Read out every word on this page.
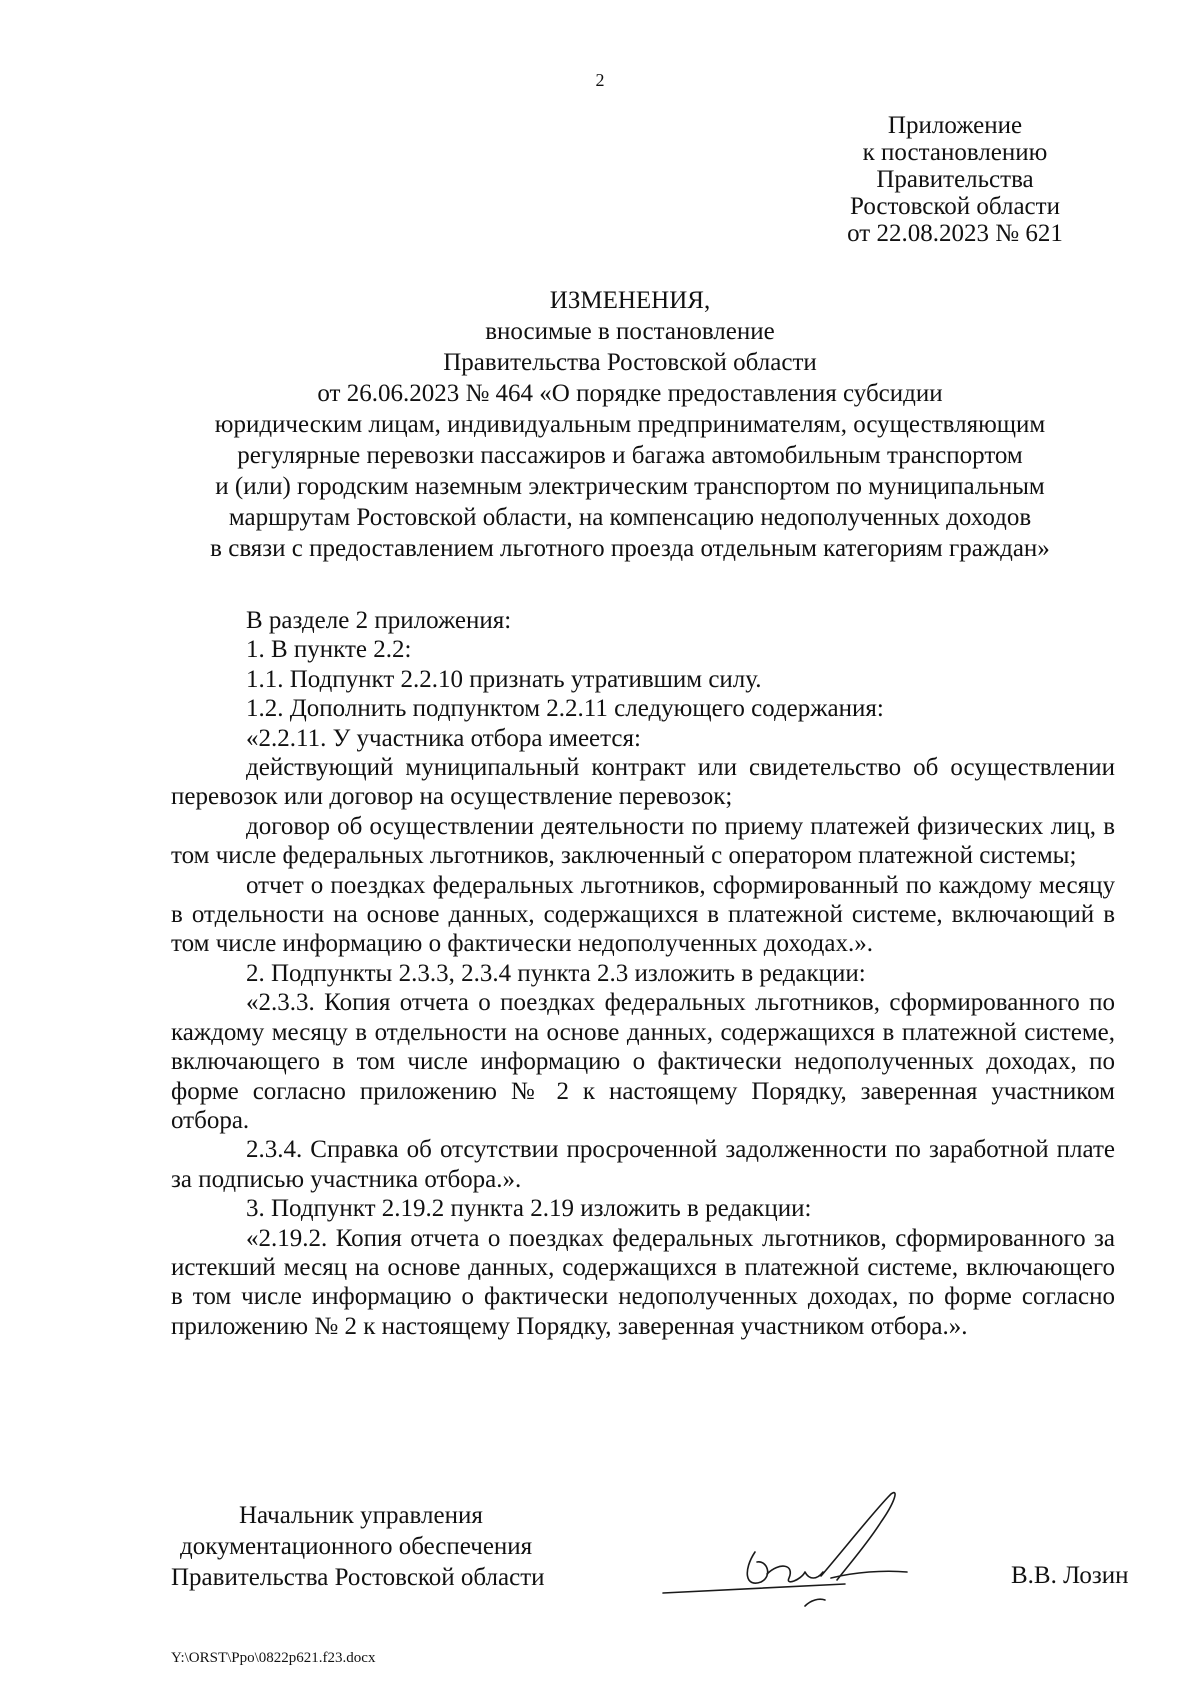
2
Приложение
к постановлению
Правительства
Ростовской области
от 22.08.2023 № 621
ИЗМЕНЕНИЯ,
вносимые в постановление
Правительства Ростовской области
от 26.06.2023 № 464 «О порядке предоставления субсидии
юридическим лицам, индивидуальным предпринимателям, осуществляющим
регулярные перевозки пассажиров и багажа автомобильным транспортом
и (или) городским наземным электрическим транспортом по муниципальным
маршрутам Ростовской области, на компенсацию недополученных доходов
в связи с предоставлением льготного проезда отдельным категориям граждан»

В разделе 2 приложения:

1. В пункте 2.2:

1.1. Подпункт 2.2.10 признать утратившим силу.

1.2. Дополнить подпунктом 2.2.11 следующего содержания:

«2.2.11. У участника отбора имеется:

действующий муниципальный контракт или свидетельство об осуществлении перевозок или договор на осуществление перевозок;

договор об осуществлении деятельности по приему платежей физических лиц, в том числе федеральных льготников, заключенный с оператором платежной системы;

отчет о поездках федеральных льготников, сформированный по каждому месяцу в отдельности на основе данных, содержащихся в платежной системе, включающий в том числе информацию о фактически недополученных доходах.».

2. Подпункты 2.3.3, 2.3.4 пункта 2.3 изложить в редакции:

«2.3.3. Копия отчета о поездках федеральных льготников, сформированного по каждому месяцу в отдельности на основе данных, содержащихся в платежной системе, включающего в том числе информацию о фактически недополученных доходах, по форме согласно приложению № 2 к настоящему Порядку, заверенная участником отбора.

2.3.4. Справка об отсутствии просроченной задолженности по заработной плате за подписью участника отбора.».

3. Подпункт 2.19.2 пункта 2.19 изложить в редакции:

«2.19.2. Копия отчета о поездках федеральных льготников, сформированного за истекший месяц на основе данных, содержащихся в платежной системе, включающего в том числе информацию о фактически недополученных доходах, по форме согласно приложению № 2 к настоящему Порядку, заверенная участником отбора.».

Начальник управления
документационного обеспечения
Правительства Ростовской области	В.В. Лозин
Y:\ORST\Ppo\0822p621.f23.docx
